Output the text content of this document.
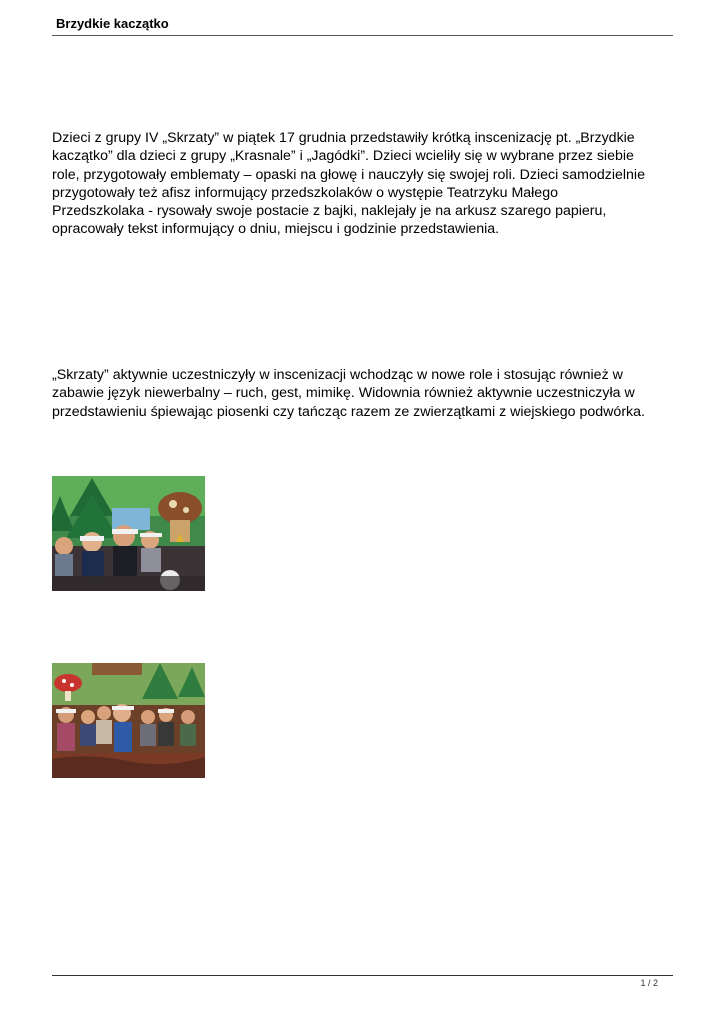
Brzydkie kaczątko

Dzieci z grupy IV „Skrzaty” w piątek 17 grudnia przedstawiły krótką inscenizację pt. „Brzydkie
kaczątko” dla dzieci z grupy „Krasnale” i „Jagódki”. Dzieci wcieliły się w wybrane przez siebie
role, przygotowały emblematy – opaski na głowę i nauczyły się swojej roli. Dzieci samodzielnie
przygotowały też afisz informujący przedszkolaków o występie Teatrzyku Małego
Przedszkolaka - rysowały swoje postacie z bajki, naklejały je na arkusz szarego papieru,
opracowały tekst informujący o dniu, miejscu i godzinie przedstawienia.

„Skrzaty” aktywnie uczestniczyły w inscenizacji wchodząc w nowe role i stosując również w
zabawie język niewerbalny – ruch, gest, mimikę. Widownia również aktywnie uczestniczyła w
przedstawieniu śpiewając piosenki czy tańcząc razem ze zwierzątkami z wiejskiego podwórka.

1 / 2
